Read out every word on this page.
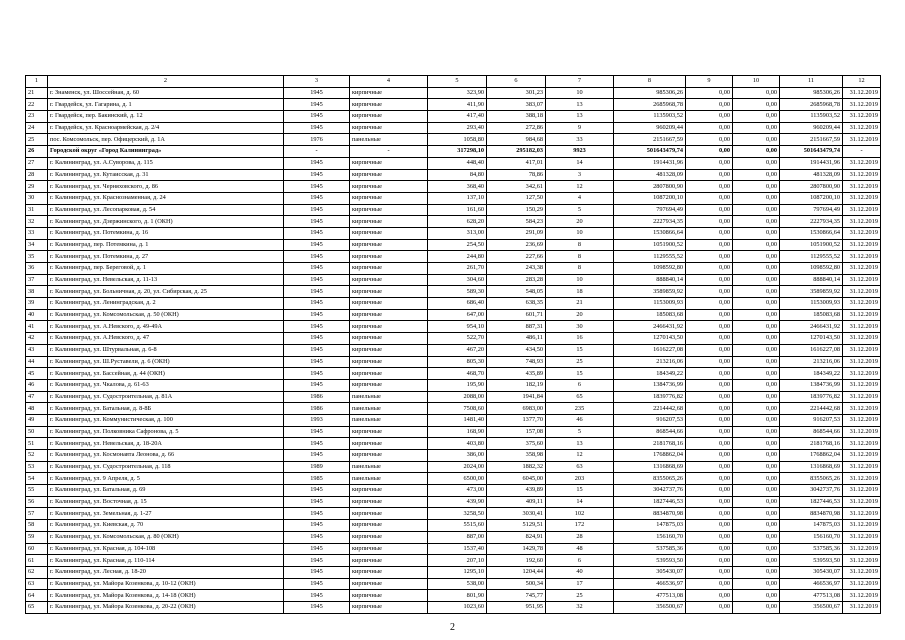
1	2	3	4	5	6	7	8	9	10	11	12
21	г. Знаменск, ул. Шоссейная, д. 60	1945	кирпичные	323,90	301,23	10	985306,26	0,00	0,00	985306,26	31.12.2019
22	г. Гвардейск, ул. Гагарина, д. 1	1945	кирпичные	411,90	383,07	13	2685968,78	0,00	0,00	2685968,78	31.12.2019
23	г. Гвардейск, пер. Бакинский, д. 12	1945	кирпичные	417,40	388,18	13	1135903,52	0,00	0,00	1135903,52	31.12.2019
24	г. Гвардейск, ул. Красноармейская, д. 2/4	1945	кирпичные	293,40	272,86	9	960209,44	0,00	0,00	960209,44	31.12.2019
25	пос. Комсомольск, пер. Офицерский, д. 1А	1976	панельные	1058,80	984,68	33	2151667,59	0,00	0,00	2151667,59	31.12.2019
26	Городской округ «Город Калининград»	-	-	317298,10	295182,03	9923	501643479,74	0,00	0,00	501643479,74	-
27	г. Калининград, ул. А.Суворова, д. 115	1945	кирпичные	448,40	417,01	14	1914431,96	0,00	0,00	1914431,96	31.12.2019
28	г. Калининград, ул. Кутаисская, д. 31	1945	кирпичные	84,80	78,86	3	481328,09	0,00	0,00	481328,09	31.12.2019
29	г. Калининград, ул. Черняховского, д. 86	1945	кирпичные	368,40	342,61	12	2807800,90	0,00	0,00	2807800,90	31.12.2019
30	г. Калининград, ул. Краснознаменная, д. 24	1945	кирпичные	137,10	127,50	4	1087200,10	0,00	0,00	1087200,10	31.12.2019
31	г. Калининград, ул. Лесопарковая, д. 54	1945	кирпичные	161,60	150,29	5	797694,49	0,00	0,00	797694,49	31.12.2019
32	г. Калининград, ул. Дзержинского, д. 1 (ОКН)	1945	кирпичные	628,20	584,23	20	2227934,35	0,00	0,00	2227934,35	31.12.2019
33	г. Калининград, ул. Потемкина, д. 16	1945	кирпичные	313,00	291,09	10	1530866,64	0,00	0,00	1530866,64	31.12.2019
34	г. Калининград, пер. Потемкина, д. 1	1945	кирпичные	254,50	236,69	8	1051900,52	0,00	0,00	1051900,52	31.12.2019
35	г. Калининград, ул. Потемкина, д. 27	1945	кирпичные	244,80	227,66	8	1129555,52	0,00	0,00	1129555,52	31.12.2019
36	г. Калининград, пер. Береговой, д. 1	1945	кирпичные	261,70	243,38	8	1098592,80	0,00	0,00	1098592,80	31.12.2019
37	г. Калининград, ул. Невельская, д. 11-13	1945	кирпичные	304,60	283,28	10	888840,14	0,00	0,00	888840,14	31.12.2019
38	г. Калининград, ул. Больничная, д. 20, ул. Сибирская, д. 25	1945	кирпичные	589,30	548,05	18	3589859,92	0,00	0,00	3589859,92	31.12.2019
39	г. Калининград, ул. Ленинградская, д. 2	1945	кирпичные	686,40	638,35	21	1153009,93	0,00	0,00	1153009,93	31.12.2019
40	г. Калининград, ул. Комсомольская, д. 50 (ОКН)	1945	кирпичные	647,00	601,71	20	185083,68	0,00	0,00	185083,68	31.12.2019
41	г. Калининград, ул. А.Невского, д. 49-49А	1945	кирпичные	954,10	887,31	30	2466431,92	0,00	0,00	2466431,92	31.12.2019
42	г. Калининград, ул. А.Невского, д. 47	1945	кирпичные	522,70	486,11	16	1270143,50	0,00	0,00	1270143,50	31.12.2019
43	г. Калининград, ул. Штурвальная, д. 6-8	1945	кирпичные	467,20	434,50	15	1616227,08	0,00	0,00	1616227,08	31.12.2019
44	г. Калининград, ул. Ш.Руставели, д. 6 (ОКН)	1945	кирпичные	805,30	748,93	25	213216,06	0,00	0,00	213216,06	31.12.2019
45	г. Калининград, ул. Бассейная, д. 44 (ОКН)	1945	кирпичные	468,70	435,89	15	184349,22	0,00	0,00	184349,22	31.12.2019
46	г. Калининград, ул. Чкалова, д. 61-63	1945	кирпичные	195,90	182,19	6	1384736,99	0,00	0,00	1384736,99	31.12.2019
47	г. Калининград, ул. Судостроительная, д. 81А	1986	панельные	2088,00	1941,84	65	1839776,82	0,00	0,00	1839776,82	31.12.2019
48	г. Калининград, ул. Батальная, д. 8-8Б	1986	панельные	7508,60	6983,00	235	2214442,68	0,00	0,00	2214442,68	31.12.2019
49	г. Калининград, ул. Коммунистическая, д. 100	1993	панельные	1481,40	1377,70	46	916207,53	0,00	0,00	916207,53	31.12.2019
50	г. Калининград, ул. Полковника Сафронова, д. 5	1945	кирпичные	168,90	157,08	5	868544,66	0,00	0,00	868544,66	31.12.2019
51	г. Калининград, ул. Невельская, д. 18-20А	1945	кирпичные	403,80	375,60	13	2181768,16	0,00	0,00	2181768,16	31.12.2019
52	г. Калининград, ул. Космонавта Леонова, д. 66	1945	кирпичные	386,00	358,98	12	1768862,04	0,00	0,00	1768862,04	31.12.2019
53	г. Калининград, ул. Судостроительная, д. 118	1989	панельные	2024,00	1882,32	63	1316868,69	0,00	0,00	1316868,69	31.12.2019
54	г. Калининград, ул. 9 Апреля, д. 5	1985	панельные	6500,00	6045,00	203	8355065,26	0,00	0,00	8355065,26	31.12.2019
55	г. Калининград, ул. Батальная, д. 69	1945	кирпичные	473,00	439,89	15	3042737,76	0,00	0,00	3042737,76	31.12.2019
56	г. Калининград, ул. Восточная, д. 15	1945	кирпичные	439,90	409,11	14	1827446,53	0,00	0,00	1827446,53	31.12.2019
57	г. Калининград, ул. Земельная, д. 1-27	1945	кирпичные	3258,50	3030,41	102	8834870,98	0,00	0,00	8834870,98	31.12.2019
58	г. Калининград, ул. Киевская, д. 70	1945	кирпичные	5515,60	5129,51	172	147875,03	0,00	0,00	147875,03	31.12.2019
59	г. Калининград, ул. Комсомольская, д. 80 (ОКН)	1945	кирпичные	887,00	824,91	28	156160,70	0,00	0,00	156160,70	31.12.2019
60	г. Калининград, ул. Красная, д. 104-108	1945	кирпичные	1537,40	1429,78	48	537585,36	0,00	0,00	537585,36	31.12.2019
61	г. Калининград, ул. Красная, д. 110-114	1945	кирпичные	207,10	192,60	6	539593,50	0,00	0,00	539593,50	31.12.2019
62	г. Калининград, ул. Лесная, д. 18-20	1945	кирпичные	1295,10	1204,44	40	305430,07	0,00	0,00	305430,07	31.12.2019
63	г. Калининград, ул. Майора Козенкова, д. 10-12 (ОКН)	1945	кирпичные	538,00	500,34	17	466536,97	0,00	0,00	466536,97	31.12.2019
64	г. Калининград, ул. Майора Козенкова, д. 14-18 (ОКН)	1945	кирпичные	801,90	745,77	25	477513,08	0,00	0,00	477513,08	31.12.2019
65	г. Калининград, ул. Майора Козенкова, д. 20-22 (ОКН)	1945	кирпичные	1023,60	951,95	32	356500,67	0,00	0,00	356500,67	31.12.2019
2
